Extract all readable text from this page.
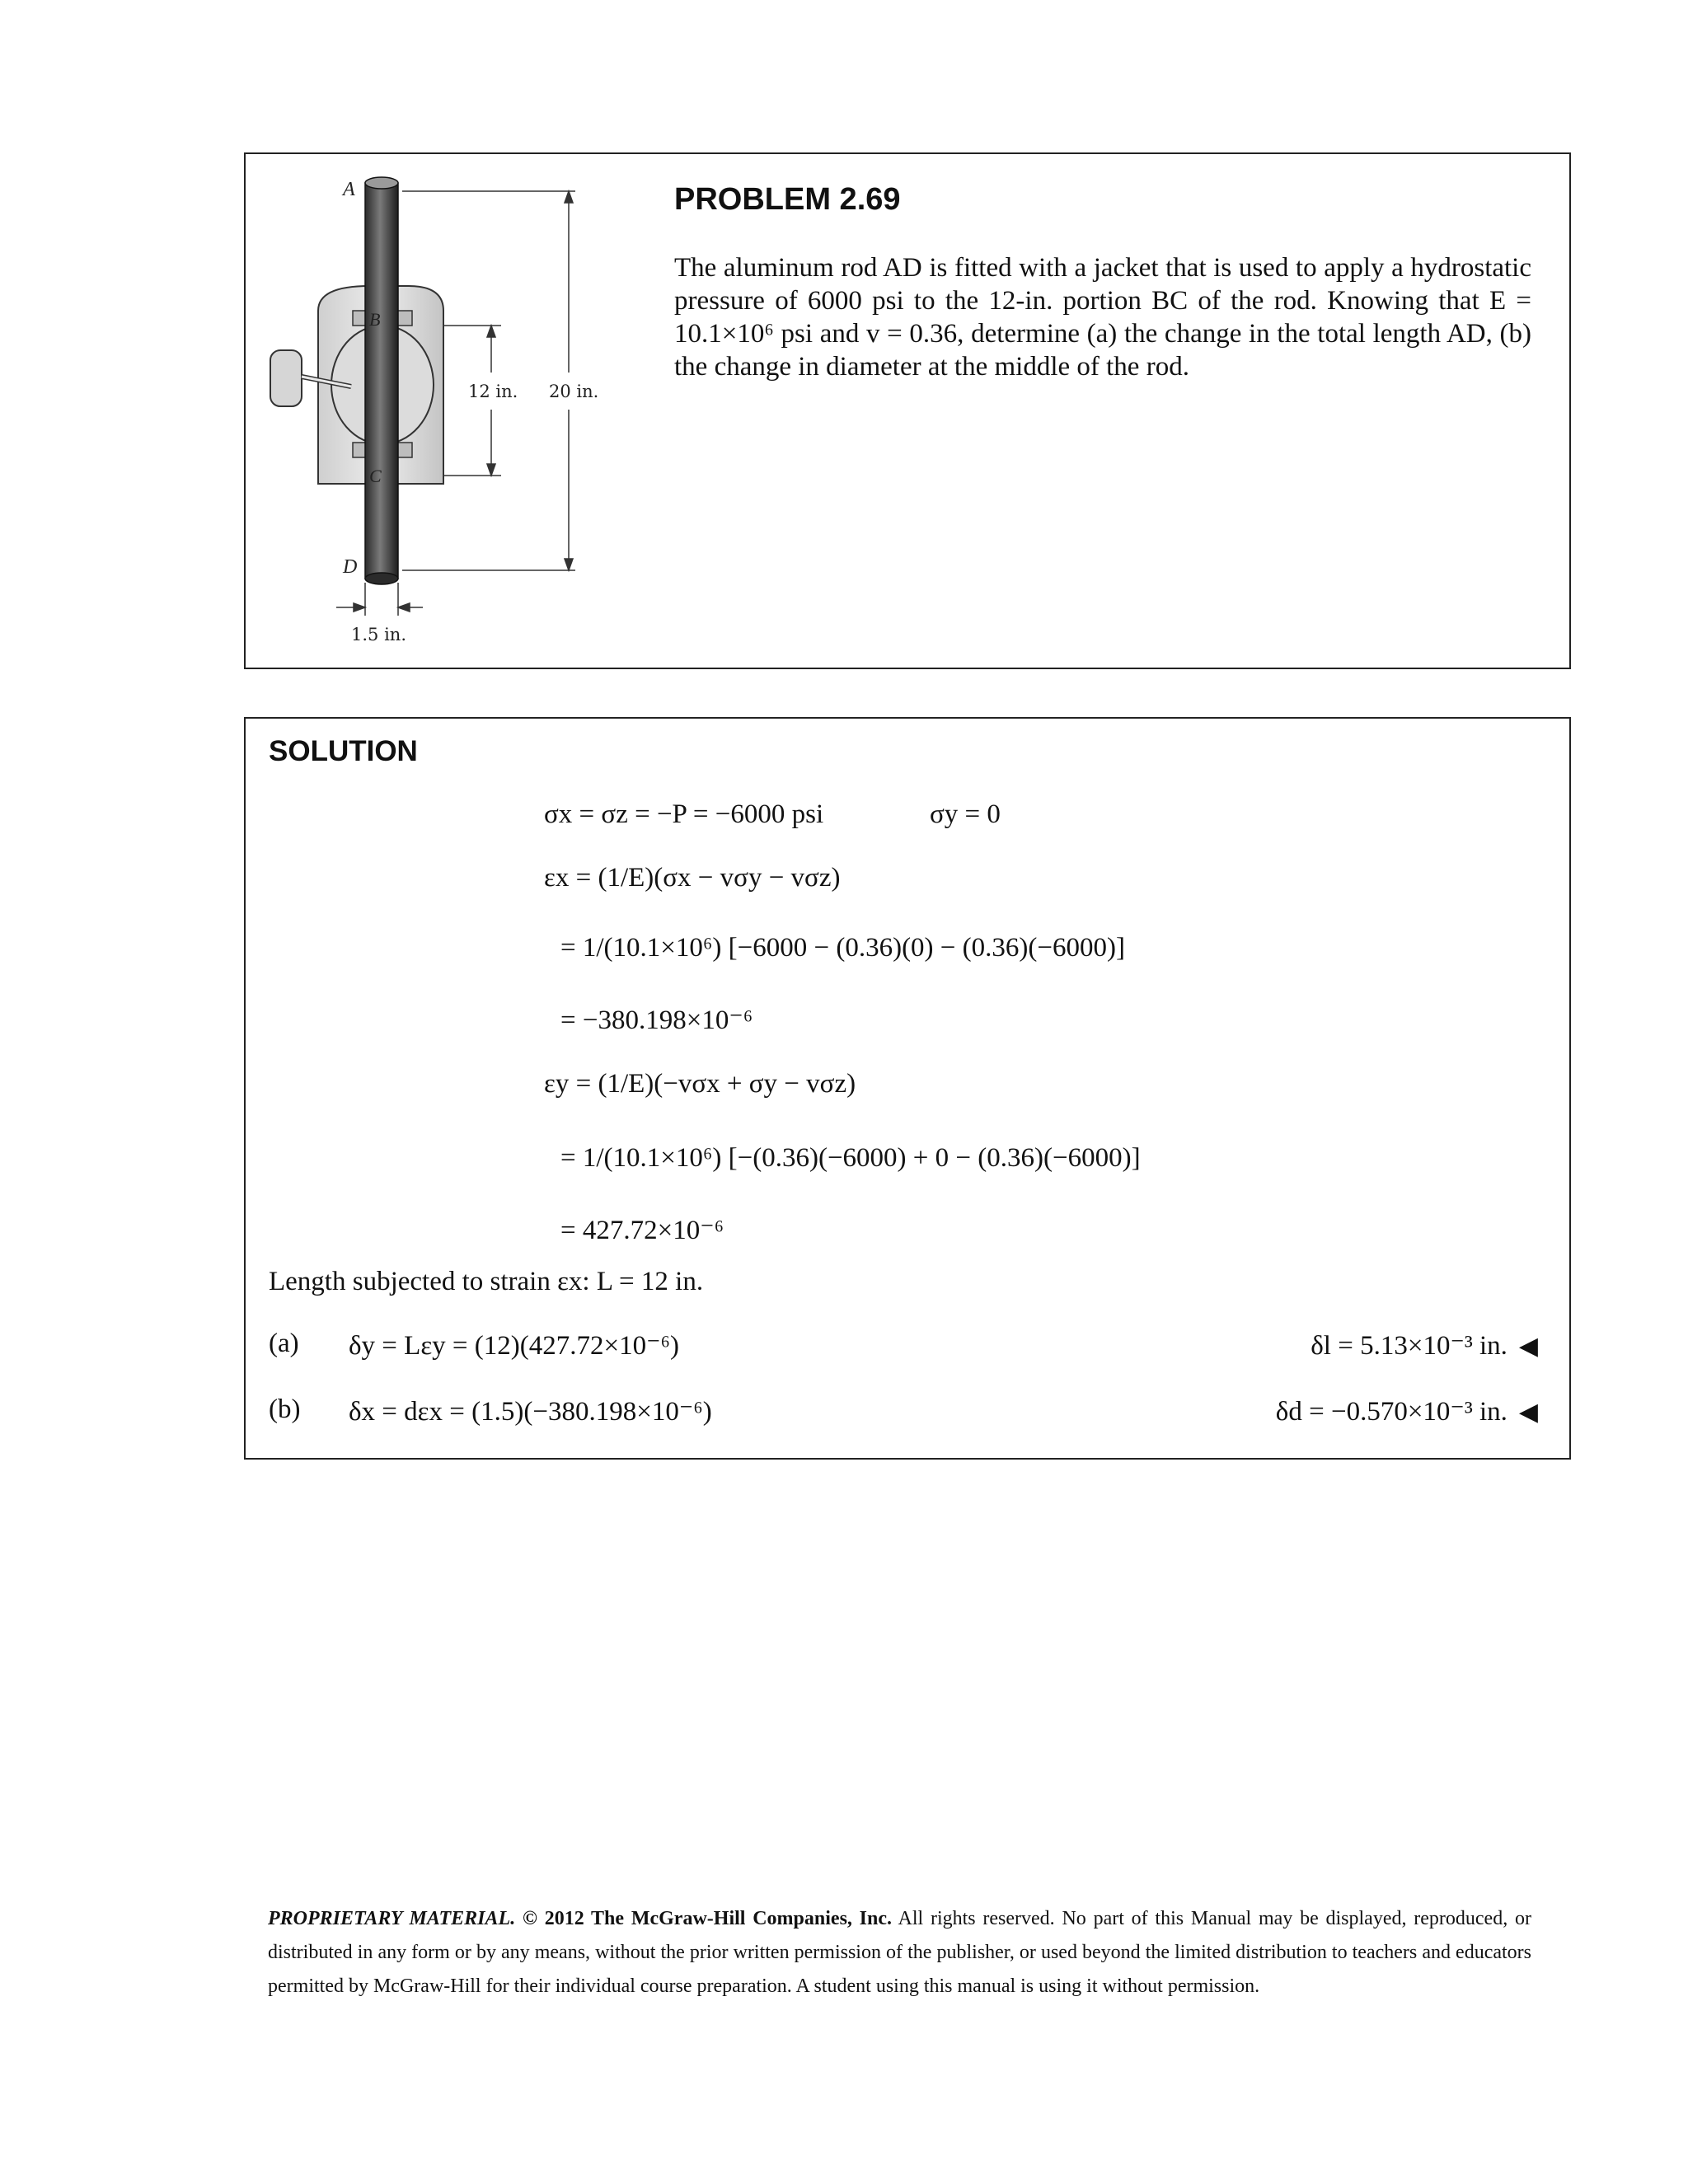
A
B
C
D
12 in. 20 in.
1.5 in.
PROBLEM 2.69
The aluminum rod AD is fitted with a jacket that is used to apply a hydrostatic pressure of 6000 psi to the 12-in. portion BC of the rod. Knowing that E = 10.1×10⁶ psi and v = 0.36, determine (a) the change in the total length AD, (b) the change in diameter at the middle of the rod.
SOLUTION
σx = σz = −P = −6000 psi	σy = 0
εx = (1/E)(σx − vσy − vσz)
= 1/(10.1×10⁶) [−6000 − (0.36)(0) − (0.36)(−6000)]
= −380.198×10⁻⁶
εy = (1/E)(−vσx + σy − vσz)
= 1/(10.1×10⁶) [−(0.36)(−6000) + 0 − (0.36)(−6000)]
= 427.72×10⁻⁶
Length subjected to strain εx: L = 12 in.
(a) δy = Lεy = (12)(427.72×10⁻⁶)	δl = 5.13×10⁻³ in. ◀
(b) δx = dεx = (1.5)(−380.198×10⁻⁶)	δd = −0.570×10⁻³ in. ◀
PROPRIETARY MATERIAL. © 2012 The McGraw-Hill Companies, Inc. All rights reserved. No part of this Manual may be displayed, reproduced, or distributed in any form or by any means, without the prior written permission of the publisher, or used beyond the limited distribution to teachers and educators permitted by McGraw-Hill for their individual course preparation. A student using this manual is using it without permission.
